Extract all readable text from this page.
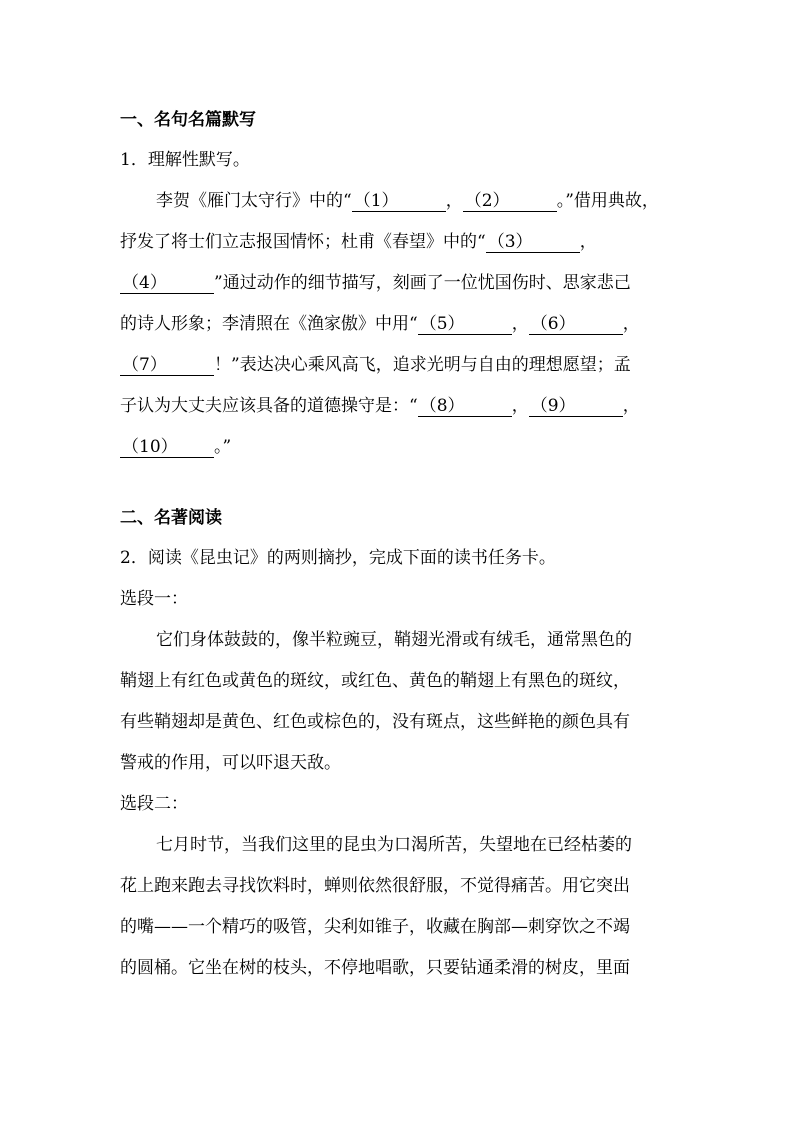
一、名句名篇默写
1．理解性默写。
李贺《雁门太守行》中的“ （1）	， （2）	。”借用典故，
抒发了将士们立志报国情怀；杜甫《春望》中的“ （3）	，
（4）	”通过动作的细节描写，刻画了一位忧国伤时、思家悲己
的诗人形象；李清照在《渔家傲》中用“ （5）	， （6）	，
（7）	！”表达决心乘风高飞，追求光明与自由的理想愿望；孟
子认为大丈夫应该具备的道德操守是：“ （8）	， （9）	，
（10） 。”
二、名著阅读
2．阅读《昆虫记》的两则摘抄，完成下面的读书任务卡。
选段一：
它们身体鼓鼓的，像半粒豌豆，鞘翅光滑或有绒毛，通常黑色的
鞘翅上有红色或黄色的斑纹，或红色、黄色的鞘翅上有黑色的斑纹，
有些鞘翅却是黄色、红色或棕色的，没有斑点，这些鲜艳的颜色具有
警戒的作用，可以吓退天敌。
选段二：
七月时节，当我们这里的昆虫为口渴所苦，失望地在已经枯萎的
花上跑来跑去寻找饮料时，蝉则依然很舒服，不觉得痛苦。用它突出
的嘴——一个精巧的吸管，尖利如锥子，收藏在胸部—刺穿饮之不竭
的圆桶。它坐在树的枝头，不停地唱歌，只要钻通柔滑的树皮，里面
